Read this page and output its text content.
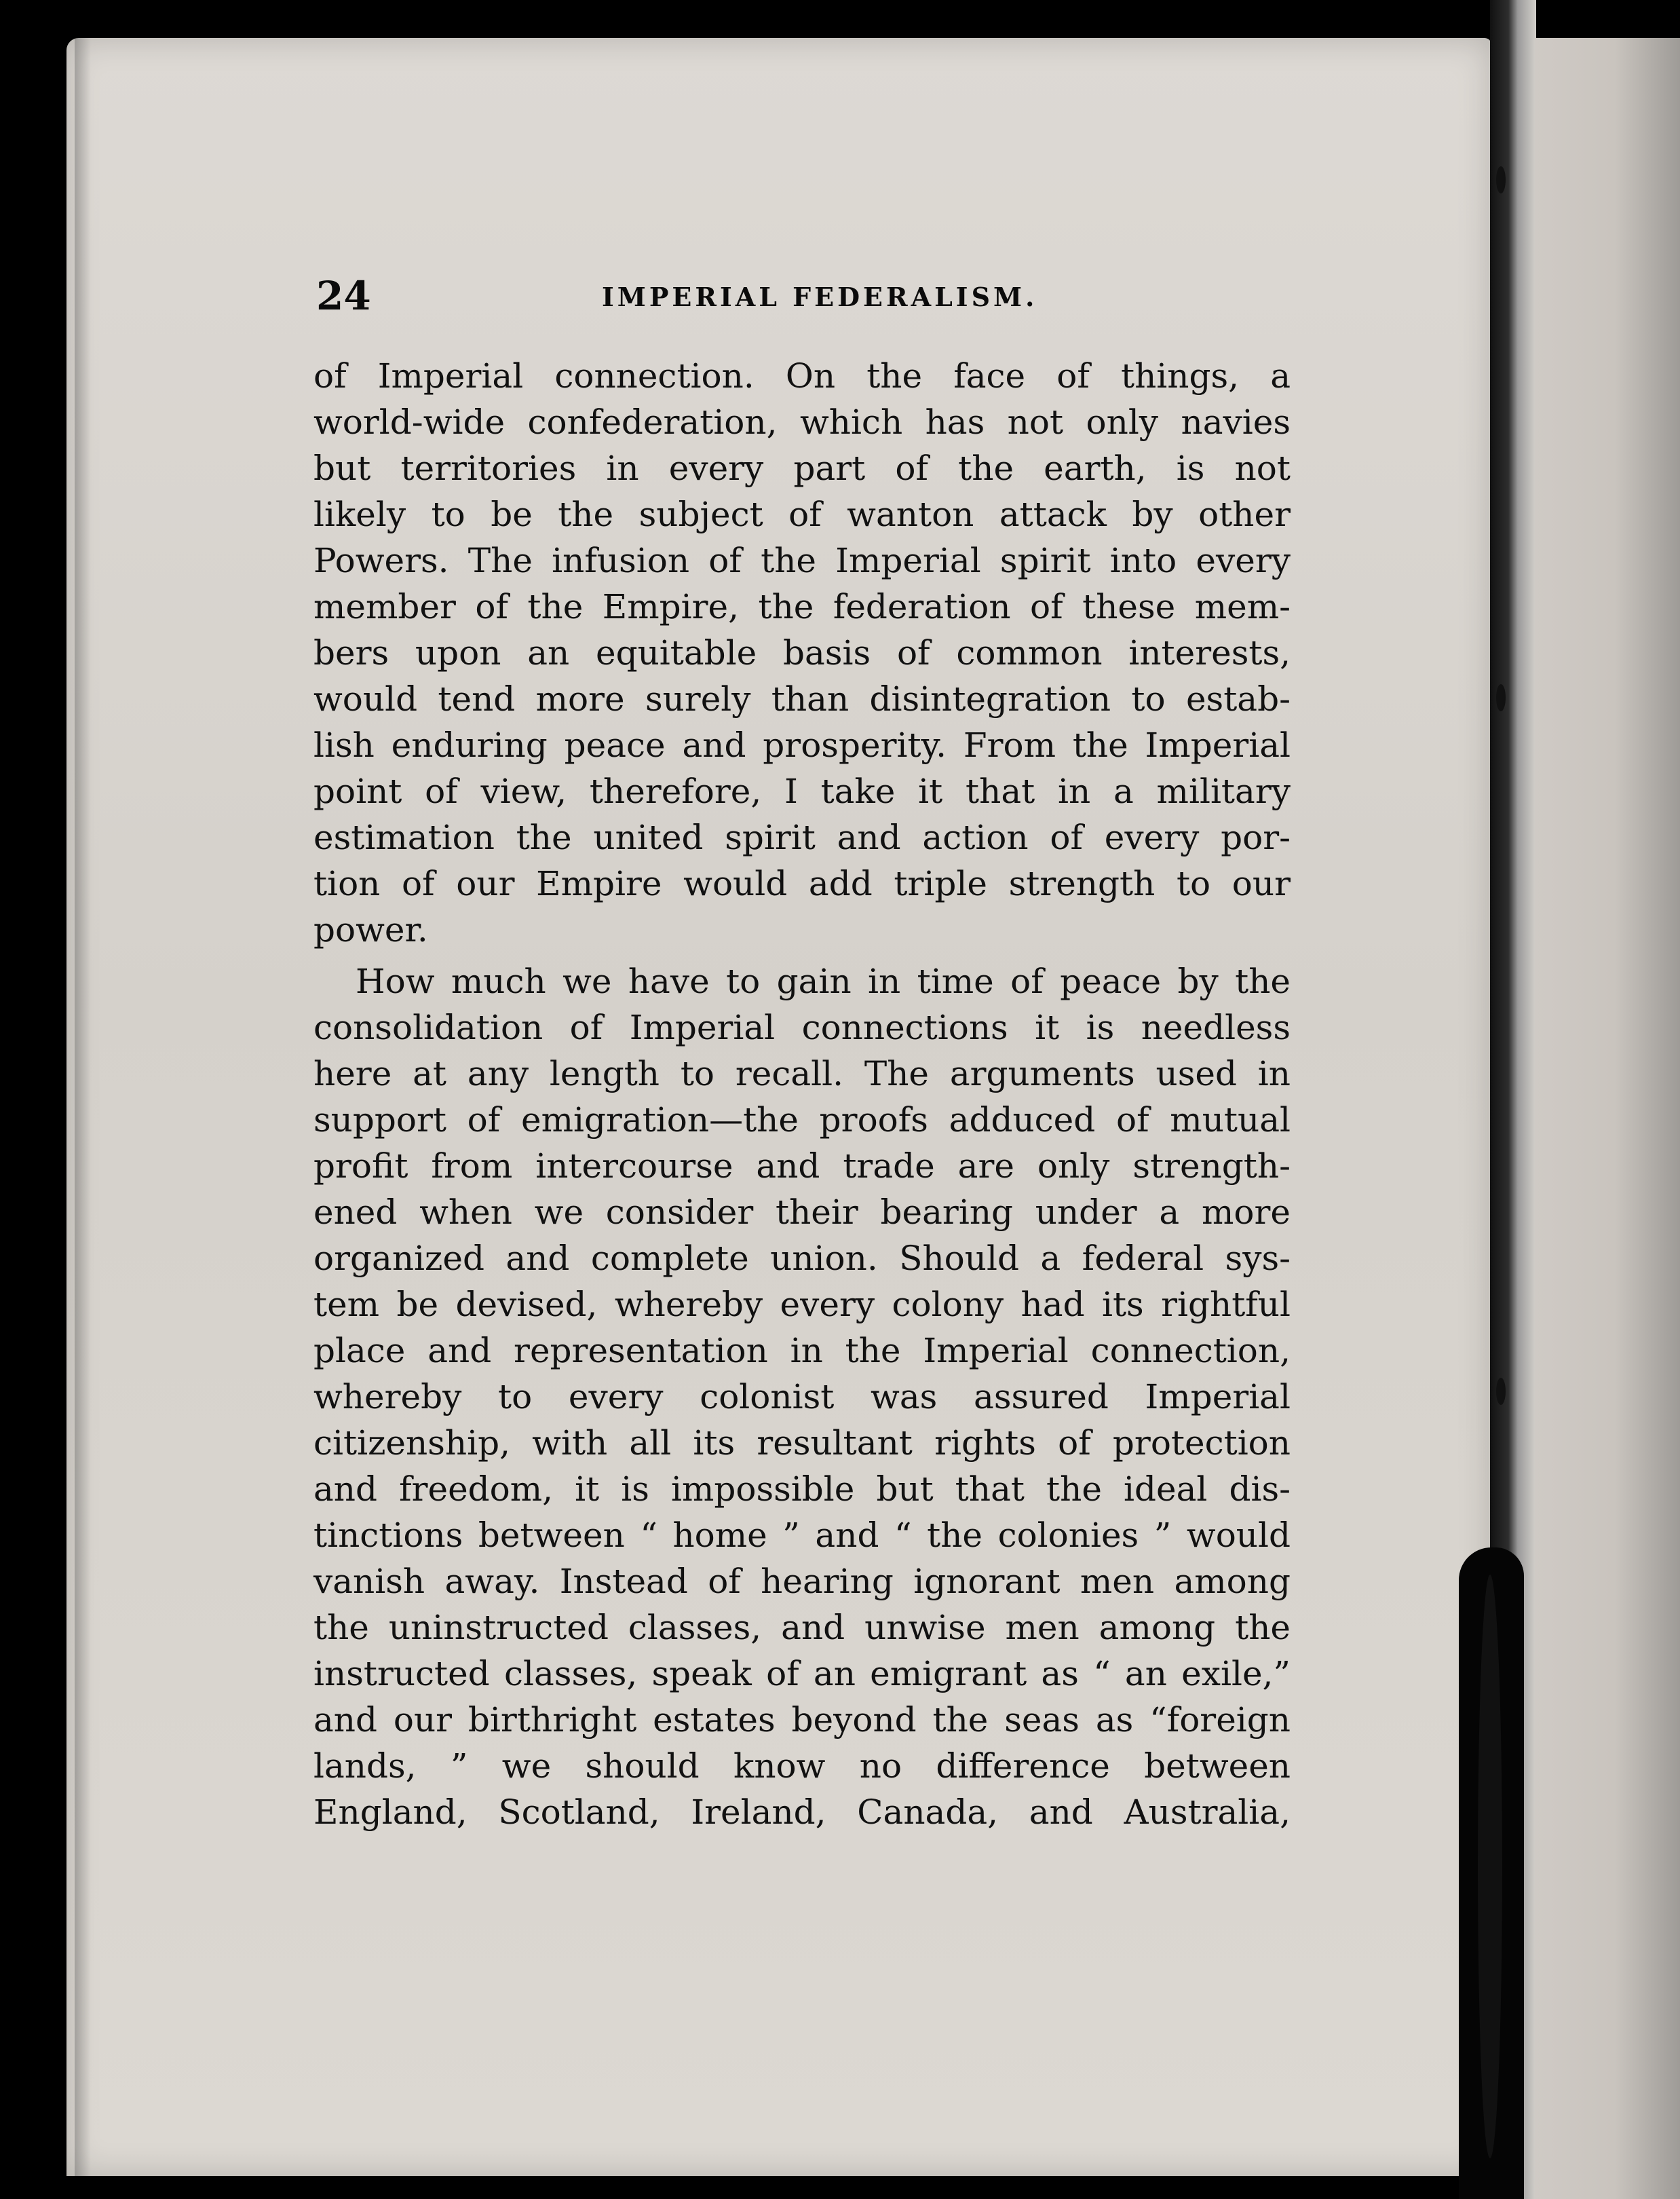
24	IMPERIAL FEDERALISM.

of Imperial connection. On the face of things, a

world-wide confederation, which has not only navies

but territories in every part of the earth, is not

likely to be the subject of wanton attack by other

Powers. The infusion of the Imperial spirit into every

member of the Empire, the federation of these mem-

bers upon an equitable basis of common interests,

would tend more surely than disintegration to estab-

lish enduring peace and prosperity. From the Imperial

point of view, therefore, I take it that in a military

estimation the united spirit and action of every por-

tion of our Empire would add triple strength to our

power.

How much we have to gain in time of peace by the

consolidation of Imperial connections it is needless

here at any length to recall. The arguments used in

support of emigration—the proofs adduced of mutual

profit from intercourse and trade are only strength-

ened when we consider their bearing under a more

organized and complete union. Should a federal sys-

tem be devised, whereby every colony had its rightful

place and representation in the Imperial connection,

whereby to every colonist was assured Imperial

citizenship, with all its resultant rights of protection

and freedom, it is impossible but that the ideal dis-

tinctions between “ home ” and “ the colonies ” would

vanish away. Instead of hearing ignorant men among

the uninstructed classes, and unwise men among the

instructed classes, speak of an emigrant as “ an exile,”

and our birthright estates beyond the seas as “foreign

lands, ” we should know no difference between

England, Scotland, Ireland, Canada, and Australia,
